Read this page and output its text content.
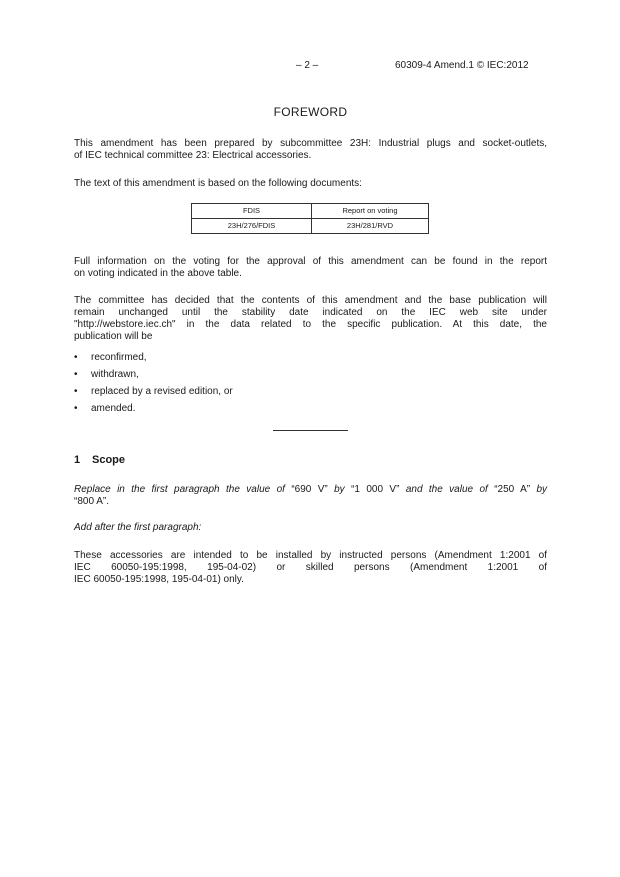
– 2 –	60309-4 Amend.1 © IEC:2012
FOREWORD
This amendment has been prepared by subcommittee 23H: Industrial plugs and socket-outlets,
of IEC technical committee 23: Electrical accessories.
The text of this amendment is based on the following documents:
FDIS	Report on voting
23H/276/FDIS	23H/281/RVD
Full information on the voting for the approval of this amendment can be found in the report
on voting indicated in the above table.
The committee has decided that the contents of this amendment and the base publication will
remain unchanged until the stability date indicated on the IEC web site under
"http://webstore.iec.ch" in the data related to the specific publication. At this date, the
publication will be
• reconfirmed,
• withdrawn,
• replaced by a revised edition, or
• amended.
1 Scope
Replace in the first paragraph the value of “690 V” by “1 000 V” and the value of “250 A” by
“800 A”.
Add after the first paragraph:
These accessories are intended to be installed by instructed persons (Amendment 1:2001 of
IEC 60050-195:1998, 195-04-02) or skilled persons (Amendment 1:2001 of
IEC 60050-195:1998, 195-04-01) only.
